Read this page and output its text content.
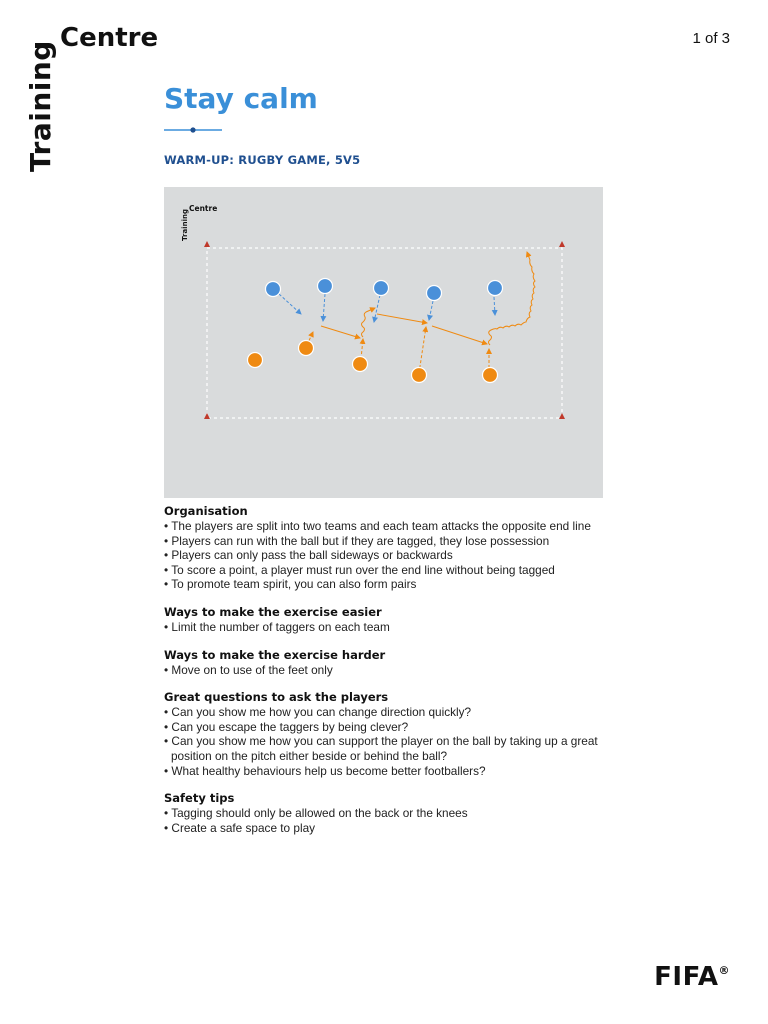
Training
Centre	1 of 3
Stay calm
WARM-UP: RUGBY GAME, 5V5
Training
Centre
Organisation
• The players are split into two teams and each team attacks the opposite end line
• Players can run with the ball but if they are tagged, they lose possession
• Players can only pass the ball sideways or backwards
• To score a point, a player must run over the end line without being tagged
• To promote team spirit, you can also form pairs
Ways to make the exercise easier
• Limit the number of taggers on each team
Ways to make the exercise harder
• Move on to use of the feet only
Great questions to ask the players
• Can you show me how you can change direction quickly?
• Can you escape the taggers by being clever?
• Can you show me how you can support the player on the ball by taking up a great position on the pitch either beside or behind the ball?
• What healthy behaviours help us become better footballers?
Safety tips
• Tagging should only be allowed on the back or the knees
• Create a safe space to play
FIFA®
